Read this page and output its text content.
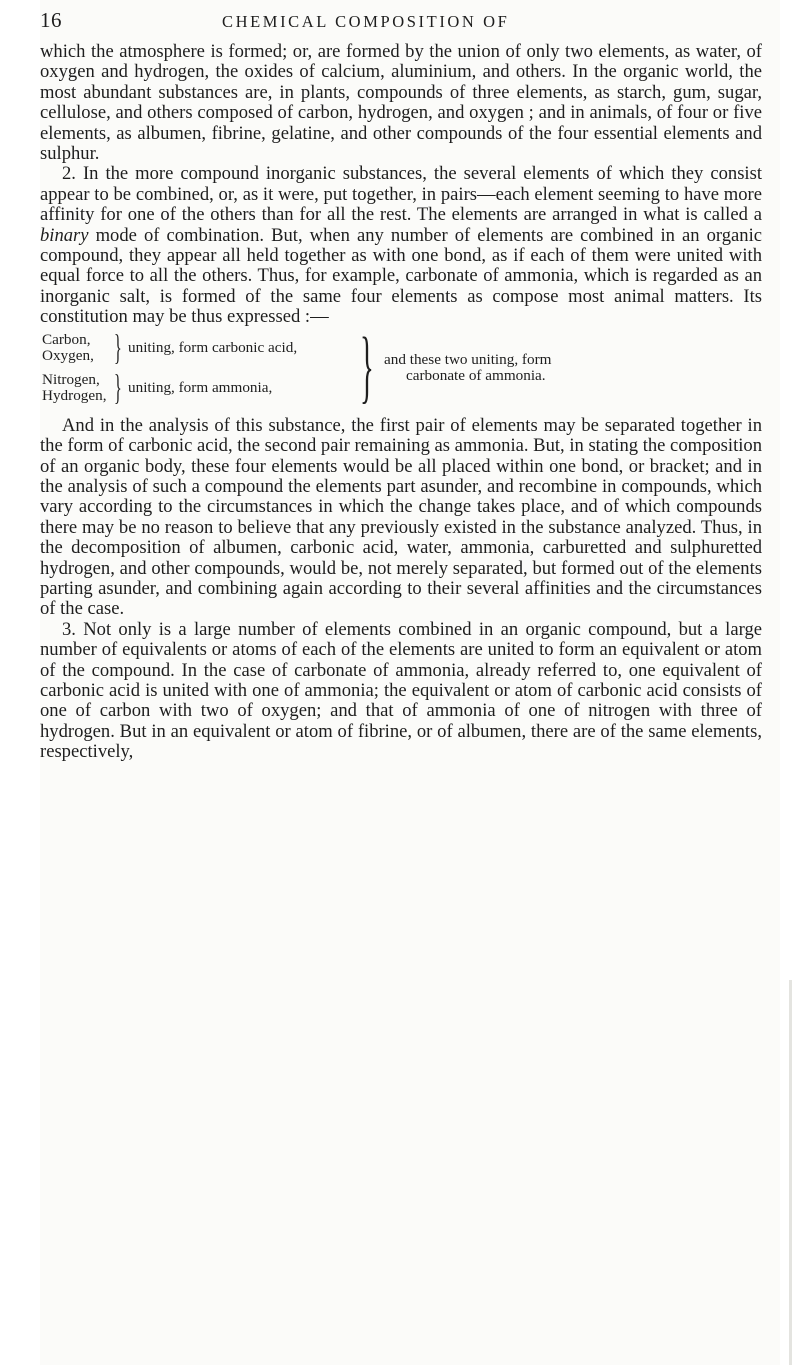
16	CHEMICAL COMPOSITION OF

which the atmosphere is formed; or, are formed by the union of only two elements, as water, of oxygen and hydrogen, the oxides of calcium, aluminium, and others. In the organic world, the most abundant substances are, in plants, compounds of three elements, as starch, gum, sugar, cellulose, and others composed of carbon, hydrogen, and oxygen ; and in animals, of four or five elements, as albumen, fibrine, gelatine, and other compounds of the four essential elements and sulphur.

2. In the more compound inorganic substances, the several elements of which they consist appear to be combined, or, as it were, put together, in pairs—each element seeming to have more affinity for one of the others than for all the rest. The elements are arranged in what is called a binary mode of combination. But, when any number of elements are combined in an organic compound, they appear all held together as with one bond, as if each of them were united with equal force to all the others. Thus, for example, carbonate of ammonia, which is regarded as an inorganic salt, is formed of the same four elements as compose most animal matters. Its constitution may be thus expressed :—

Carbon,
Oxygen, } uniting, form carbonic acid,
Nitrogen,
Hydrogen, } uniting, form ammonia, } and these two uniting, form
carbonate of ammonia.

And in the analysis of this substance, the first pair of elements may be separated together in the form of carbonic acid, the second pair remaining as ammonia. But, in stating the composition of an organic body, these four elements would be all placed within one bond, or bracket; and in the analysis of such a compound the elements part asunder, and recombine in compounds, which vary according to the circumstances in which the change takes place, and of which compounds there may be no reason to believe that any previously existed in the substance analyzed. Thus, in the decomposition of albumen, carbonic acid, water, ammonia, carburetted and sulphuretted hydrogen, and other compounds, would be, not merely separated, but formed out of the elements parting asunder, and combining again according to their several affinities and the circumstances of the case.

3. Not only is a large number of elements combined in an organic compound, but a large number of equivalents or atoms of each of the elements are united to form an equivalent or atom of the compound. In the case of carbonate of ammonia, already referred to, one equivalent of carbonic acid is united with one of ammonia; the equivalent or atom of carbonic acid consists of one of carbon with two of oxygen; and that of ammonia of one of nitrogen with three of hydrogen. But in an equivalent or atom of fibrine, or of albumen, there are of the same elements, respectively,
